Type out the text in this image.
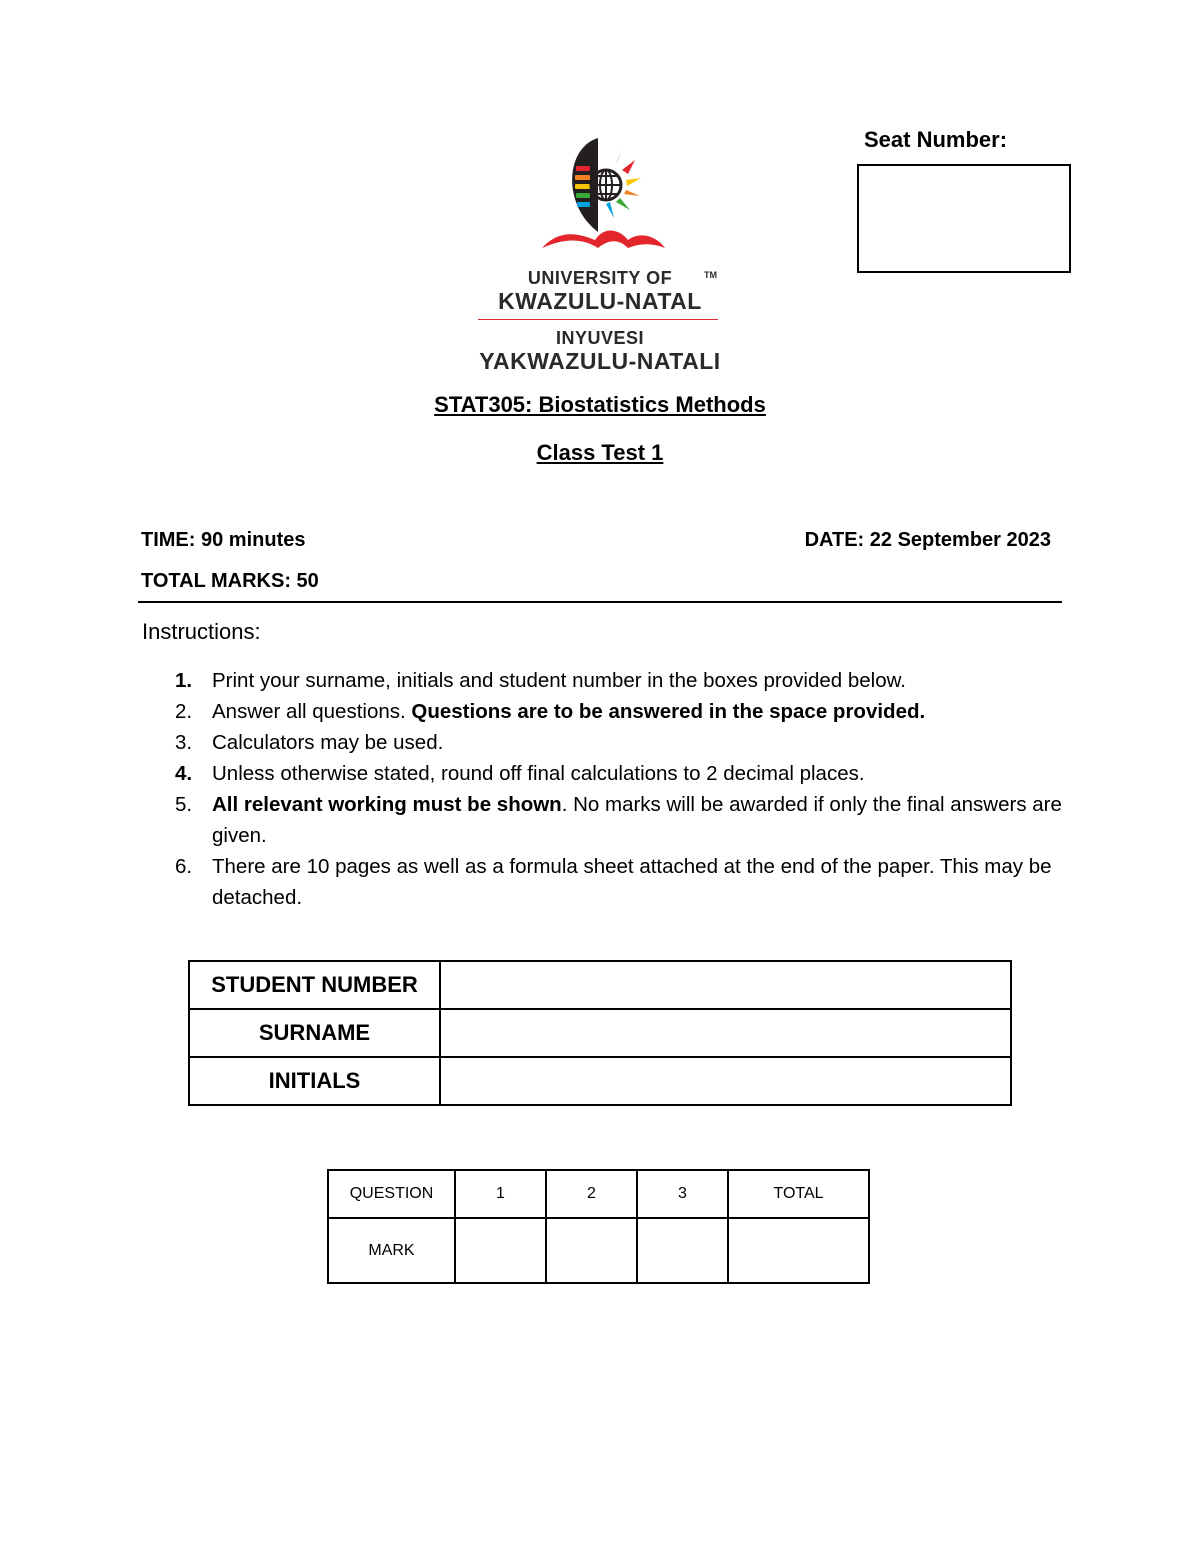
UNIVERSITY OF
KWAZULU-NATAL
TM
INYUVESI
YAKWAZULU-NATALI
Seat Number:
STAT305: Biostatistics Methods
Class Test 1
TIME: 90 minutes	DATE: 22 September 2023
TOTAL MARKS: 50
Instructions:
1. Print your surname, initials and student number in the boxes provided below.
2. Answer all questions. Questions are to be answered in the space provided.
3. Calculators may be used.
4. Unless otherwise stated, round off final calculations to 2 decimal places.
5. All relevant working must be shown. No marks will be awarded if only the final answers are given.
6. There are 10 pages as well as a formula sheet attached at the end of the paper. This may be detached.
STUDENT NUMBER	
SURNAME	
INITIALS	
QUESTION	1	2	3	TOTAL
MARK				
